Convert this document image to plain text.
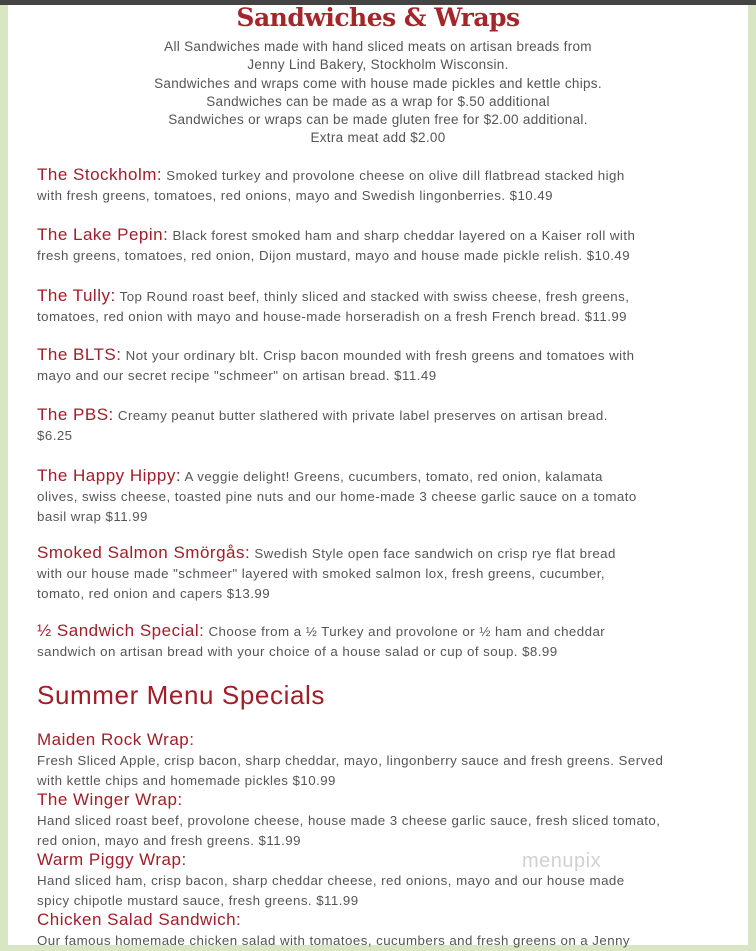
Sandwiches & Wraps
All Sandwiches made with hand sliced meats on artisan breads from
Jenny Lind Bakery, Stockholm Wisconsin.
Sandwiches and wraps come with house made pickles and kettle chips.
Sandwiches can be made as a wrap for $.50 additional
Sandwiches or wraps can be made gluten free for $2.00 additional.
Extra meat add $2.00
The Stockholm: Smoked turkey and provolone cheese on olive dill flatbread stacked high
with fresh greens, tomatoes, red onions, mayo and Swedish lingonberries. $10.49
The Lake Pepin: Black forest smoked ham and sharp cheddar layered on a Kaiser roll with
fresh greens, tomatoes, red onion, Dijon mustard, mayo and house made pickle relish. $10.49
The Tully: Top Round roast beef, thinly sliced and stacked with swiss cheese, fresh greens,
tomatoes, red onion with mayo and house-made horseradish on a fresh French bread. $11.99
The BLTS: Not your ordinary blt. Crisp bacon mounded with fresh greens and tomatoes with
mayo and our secret recipe "schmeer" on artisan bread. $11.49
The PBS: Creamy peanut butter slathered with private label preserves on artisan bread.
$6.25
The Happy Hippy: A veggie delight! Greens, cucumbers, tomato, red onion, kalamata
olives, swiss cheese, toasted pine nuts and our home-made 3 cheese garlic sauce on a tomato
basil wrap $11.99
Smoked Salmon Smörgås: Swedish Style open face sandwich on crisp rye flat bread
with our house made "schmeer" layered with smoked salmon lox, fresh greens, cucumber,
tomato, red onion and capers $13.99
½ Sandwich Special: Choose from a ½ Turkey and provolone or ½ ham and cheddar
sandwich on artisan bread with your choice of a house salad or cup of soup. $8.99
Summer Menu Specials
Maiden Rock Wrap:
Fresh Sliced Apple, crisp bacon, sharp cheddar, mayo, lingonberry sauce and fresh greens. Served
with kettle chips and homemade pickles $10.99
The Winger Wrap:
Hand sliced roast beef, provolone cheese, house made 3 cheese garlic sauce, fresh sliced tomato,
red onion, mayo and fresh greens. $11.99
Warm Piggy Wrap:
Hand sliced ham, crisp bacon, sharp cheddar cheese, red onions, mayo and our house made
spicy chipotle mustard sauce, fresh greens. $11.99
Chicken Salad Sandwich:
Our famous homemade chicken salad with tomatoes, cucumbers and fresh greens on a Jenny
menupix
